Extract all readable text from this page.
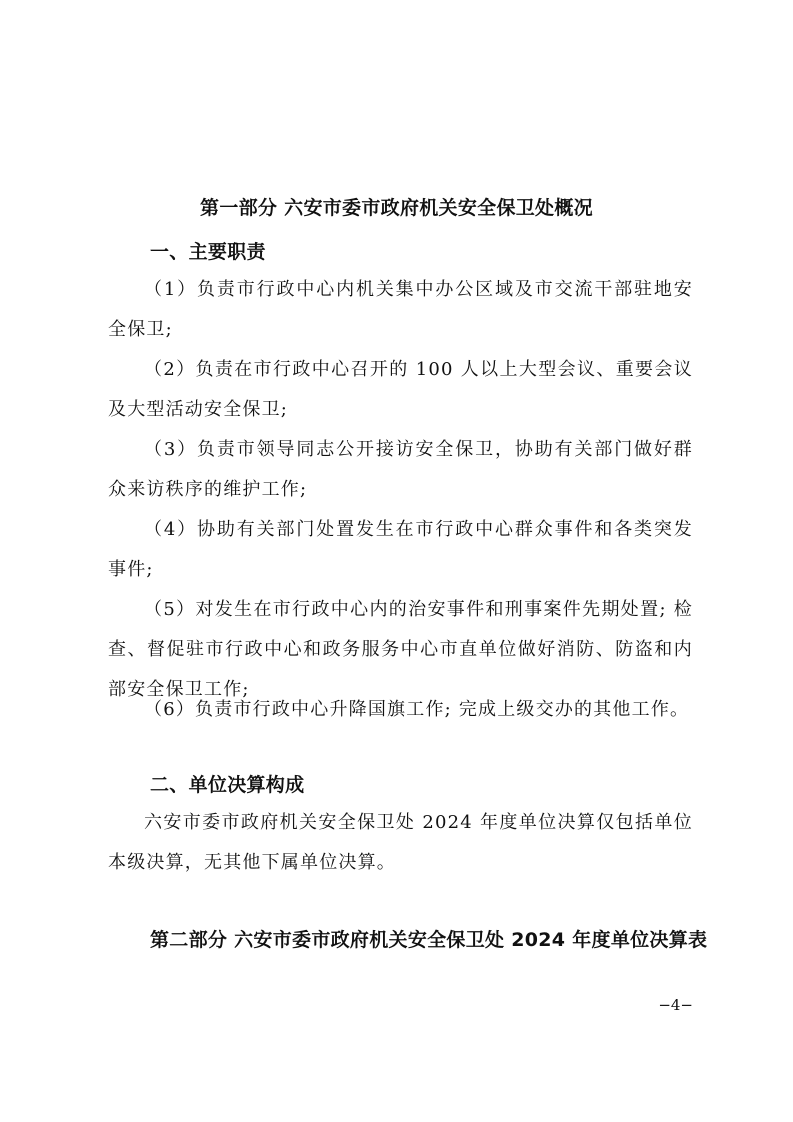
第一部分 六安市委市政府机关安全保卫处概况
一、主要职责

（1）负责市行政中心内机关集中办公区域及市交流干部驻地安全保卫;

（2）负责在市行政中心召开的 100 人以上大型会议、重要会议及大型活动安全保卫;

（3）负责市领导同志公开接访安全保卫，协助有关部门做好群众来访秩序的维护工作;

（4）协助有关部门处置发生在市行政中心群众事件和各类突发事件;

（5）对发生在市行政中心内的治安事件和刑事案件先期处置; 检查、督促驻市行政中心和政务服务中心市直单位做好消防、防盗和内部安全保卫工作;

（6）负责市行政中心升降国旗工作; 完成上级交办的其他工作。

二、单位决算构成

六安市委市政府机关安全保卫处 2024 年度单位决算仅包括单位本级决算，无其他下属单位决算。

第二部分 六安市委市政府机关安全保卫处 2024 年度单位决算表

−4−
